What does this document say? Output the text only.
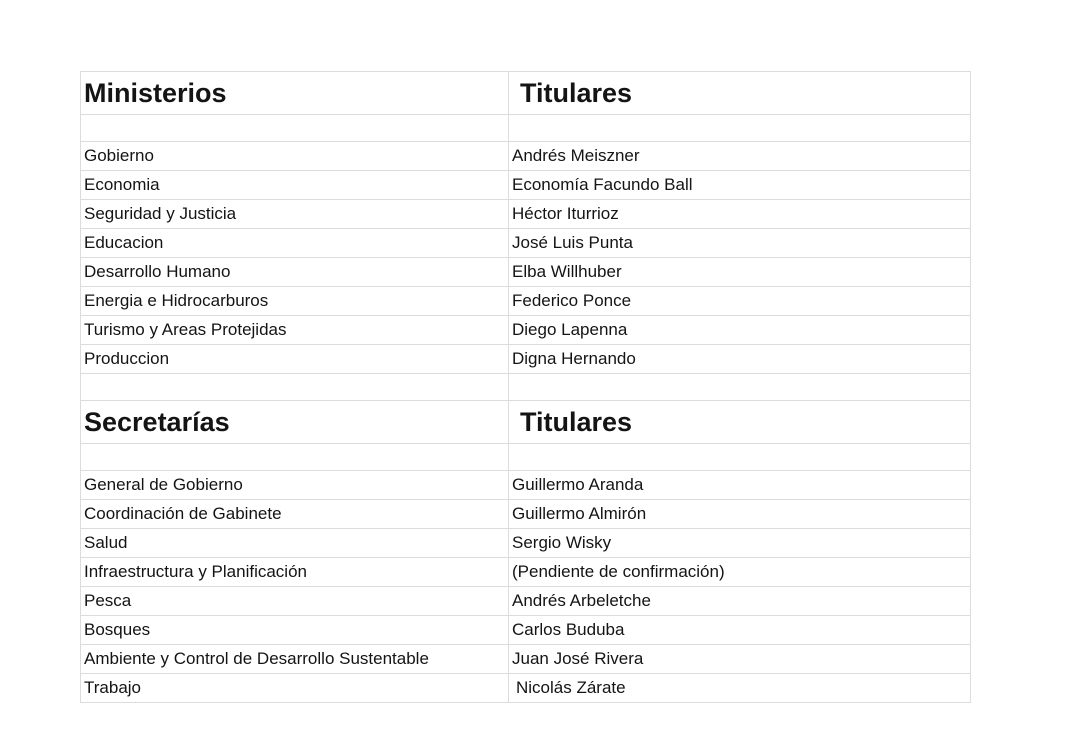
Ministerios	Titulares

Gobierno	Andrés Meiszner
Economia	Economía Facundo Ball
Seguridad y Justicia	Héctor Iturrioz
Educacion	José Luis Punta
Desarrollo Humano	Elba Willhuber
Energia e Hidrocarburos	Federico Ponce
Turismo y Areas Protejidas	Diego Lapenna
Produccion	Digna Hernando

Secretarías	Titulares

General de Gobierno	Guillermo Aranda
Coordinación de Gabinete	Guillermo Almirón
Salud	Sergio Wisky
Infraestructura y Planificación	(Pendiente de confirmación)
Pesca	Andrés Arbeletche
Bosques	Carlos Buduba
Ambiente y Control de Desarrollo Sustentable	Juan José Rivera
Trabajo	Nicolás Zárate
